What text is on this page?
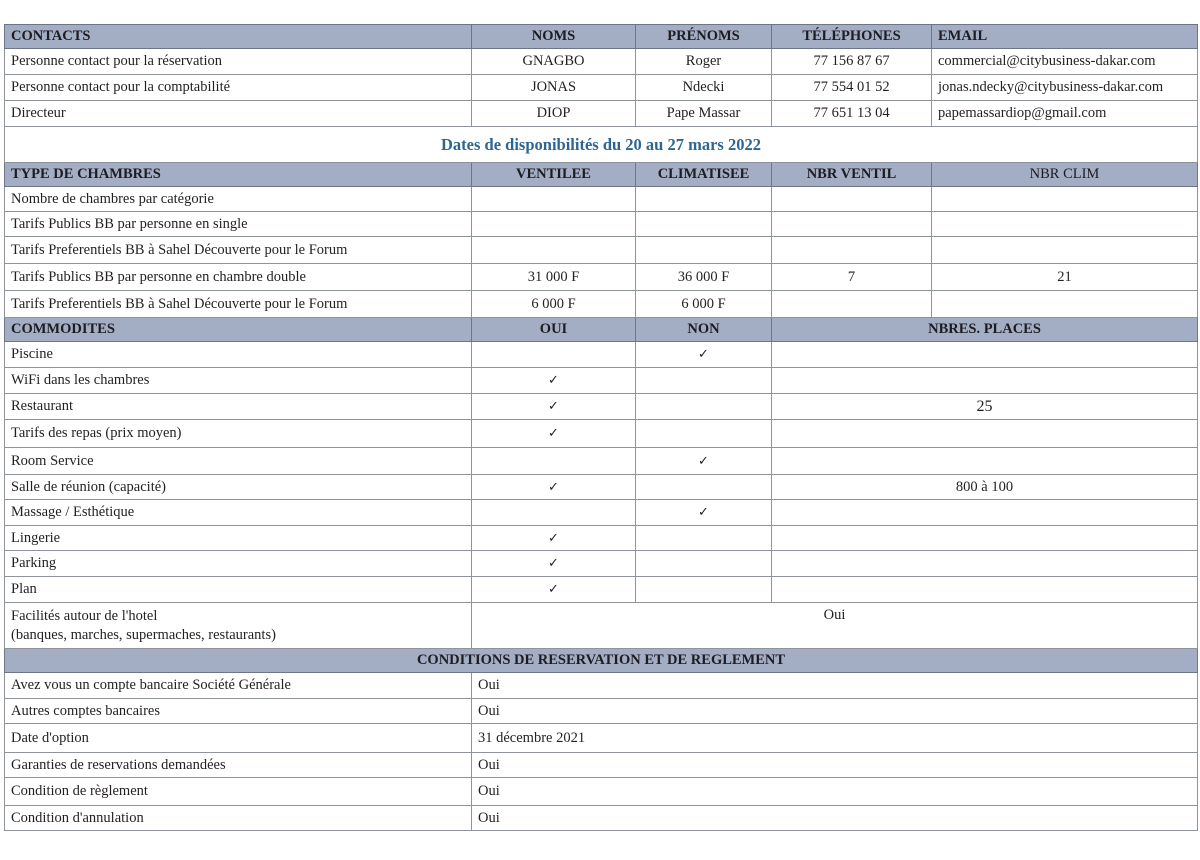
CONTACTS	NOMS	PRÉNOMS	TÉLÉPHONES	EMAIL
Personne contact pour la réservation	GNAGBO	Roger	77 156 87 67	commercial@citybusiness-dakar.com
Personne contact pour la comptabilité	JONAS	Ndecki	77 554 01 52	jonas.ndecky@citybusiness-dakar.com
Directeur	DIOP	Pape Massar	77 651 13 04	papemassardiop@gmail.com
Dates de disponibilités du 20 au 27 mars 2022				
TYPE DE CHAMBRES	VENTILEE	CLIMATISEE	NBR VENTIL	NBR CLIM
Nombre de chambres par catégorie				
Tarifs Publics BB par personne en single				
Tarifs Preferentiels BB à Sahel Découverte pour le Forum				
Tarifs Publics BB par personne en chambre double	31 000 F	36 000 F	7	21
Tarifs Preferentiels BB à Sahel Découverte pour le Forum	6 000 F	6 000 F		
COMMODITES	OUI	NON	NBRES. PLACES	
Piscine		✓		
WiFi dans les chambres	✓			
Restaurant	✓		25	
Tarifs des repas (prix moyen)	✓			
Room Service		✓		
Salle de réunion (capacité)	✓		800 à 100	
Massage / Esthétique		✓		
Lingerie	✓			
Parking	✓			
Plan	✓			
Facilités autour de l'hotel
(banques, marches, supermaches, restaurants)	Oui			
CONDITIONS DE RESERVATION ET DE REGLEMENT				
Avez vous un compte bancaire Société Générale	Oui			
Autres comptes bancaires	Oui			
Date d'option	31 décembre 2021			
Garanties de reservations demandées	Oui			
Condition de règlement	Oui			
Condition d'annulation	Oui			
